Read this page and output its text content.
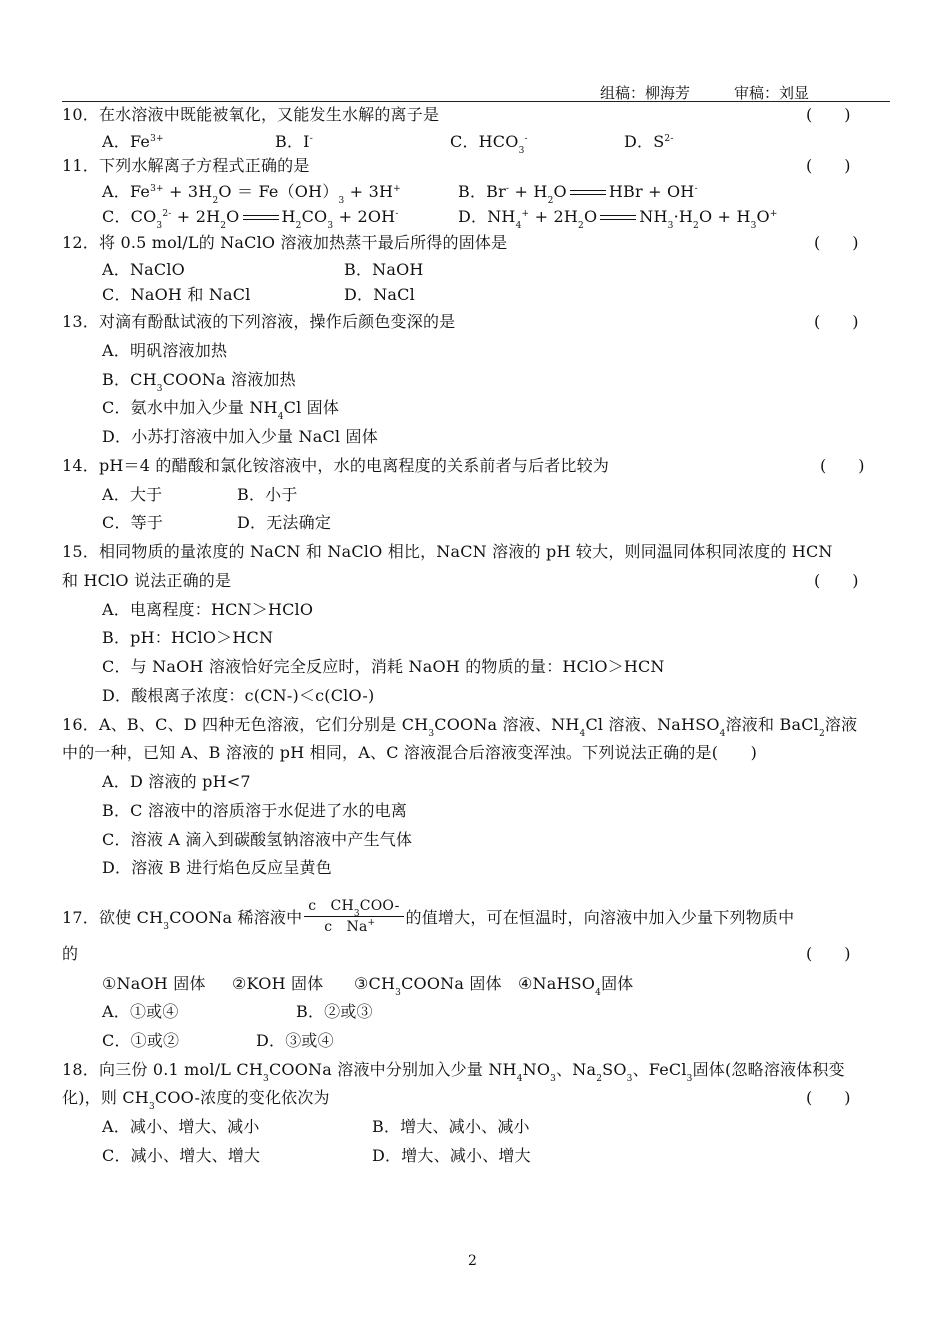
组稿：柳海芳	审稿：刘显
10．在水溶液中既能被氧化，又能发生水解的离子是	(　　)
A．$Fe^{3+}$	B．I-	C．$HCO_3^-$	D．$S^{2-}$
11．下列水解离子方程式正确的是	(　　)
A．$Fe^{3+} + 3H_2O = Fe(OH)_3 + 3H^+$	B．$Br^- + H_2O$	HBr + OH-
C．$CO_3^{2-} + 2H_2O$	$H_2CO_3 + 2OH^-$	D．$NH_4^+ + 2H_2O$	$NH_3\cdot H_2O + H_3O^+$
12．将 0.5 mol/L的 NaClO 溶液加热蒸干最后所得的固体是	(　　)
A．NaClO	B．NaOH
C．NaOH 和 NaCl	D．NaCl
13．对滴有酚酞试液的下列溶液，操作后颜色变深的是	(　　)
A．明矾溶液加热
B．$CH_3COONa$ 溶液加热
C．氨水中加入少量 $NH_4Cl$ 固体
D．小苏打溶液中加入少量 NaCl 固体
14．pH＝4 的醋酸和氯化铵溶液中，水的电离程度的关系前者与后者比较为	(　　)
A．大于	B．小于
C．等于	D．无法确定
15．相同物质的量浓度的 NaCN 和 NaClO 相比，NaCN 溶液的 pH 较大，则同温同体积同浓度的 HCN
和 HClO 说法正确的是	(　　)
A．电离程度：HCN＞HClO
B．pH：HClO＞HCN
C．与 NaOH 溶液恰好完全反应时，消耗 NaOH 的物质的量：HClO＞HCN
D．酸根离子浓度：c(CN-)＜c(ClO-)
16．A、B、C、D 四种无色溶液，它们分别是 $CH_3COONa$ 溶液、$NH_4Cl$ 溶液、NaHSO$_4$溶液和 BaCl$_2$溶液
中的一种，已知 A、B 溶液的 pH 相同，A、C 溶液混合后溶液变浑浊。下列说法正确的是(　　)
A．D 溶液的 pH<7
B．C 溶液中的溶质溶于水促进了水的电离
C．溶液 A 滴入到碳酸氢钠溶液中产生气体
D．溶液 B 进行焰色反应呈黄色
17．欲使 $CH_3COONa$ 稀溶液中 $\frac{c CH_3COO-}{c Na^+}$ 的值增大，可在恒温时，向溶液中加入少量下列物质中
的	(　　)
①NaOH 固体 ②KOH 固体 $③CH_3COONa$ 固体 ④NaHSO$_4$固体
A．①或④	B．②或③
C．①或②	D．③或④
18．向三份 0.1 mol/L $CH_3COONa$ 溶液中分别加入少量 $NH_4NO_3$、$Na_2SO_3$、FeCl$_3$固体(忽略溶液体积变
化)，则 $CH_3COO-$浓度的变化依次为	(　　)
A．减小、增大、减小	B．增大、减小、减小
C．减小、增大、增大	D．增大、减小、增大
2
